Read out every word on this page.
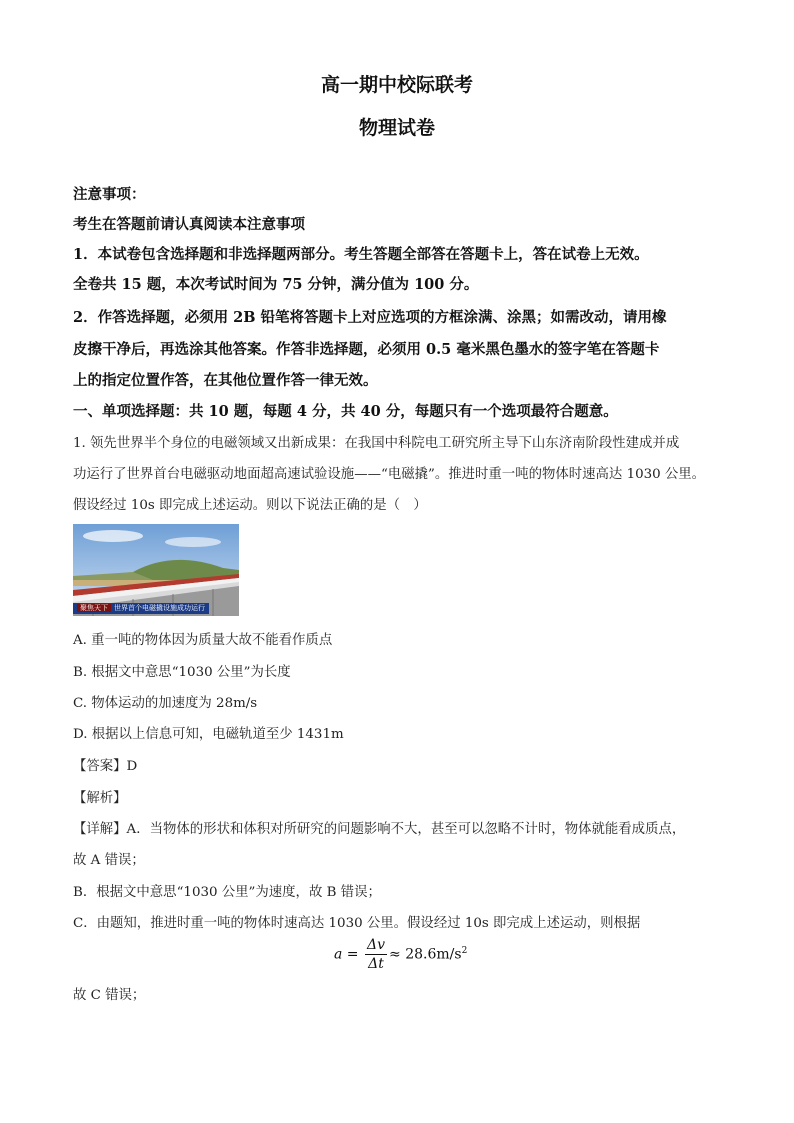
高一期中校际联考
物理试卷
注意事项：
考生在答题前请认真阅读本注意事项
1．本试卷包含选择题和非选择题两部分。考生答题全部答在答题卡上，答在试卷上无效。
全卷共 15 题，本次考试时间为 75 分钟，满分值为 100 分。
2．作答选择题，必须用 2B 铅笔将答题卡上对应选项的方框涂满、涂黑；如需改动，请用橡
皮擦干净后，再选涂其他答案。作答非选择题，必须用 0.5 毫米黑色墨水的签字笔在答题卡
上的指定位置作答，在其他位置作答一律无效。
一、单项选择题：共 10 题，每题 4 分，共 40 分，每题只有一个选项最符合题意。
1. 领先世界半个身位的电磁领域又出新成果：在我国中科院电工研究所主导下山东济南阶段性建成并成
功运行了世界首台电磁驱动地面超高速试验设施——“电磁撬”。推进时重一吨的物体时速高达 1030 公里。
假设经过 10s 即完成上述运动。则以下说法正确的是（　）
聚焦天下 世界首个电磁撬设施成功运行
A. 重一吨的物体因为质量大故不能看作质点
B. 根据文中意思“1030 公里”为长度
C. 物体运动的加速度为 28m/s
D. 根据以上信息可知，电磁轨道至少 1431m
【答案】D
【解析】
【详解】A．当物体的形状和体积对所研究的问题影响不大，甚至可以忽略不计时，物体就能看成质点，
故 A 错误；
B．根据文中意思“1030 公里”为速度，故 B 错误；
C．由题知，推进时重一吨的物体时速高达 1030 公里。假设经过 10s 即完成上述运动，则根据
$a = \frac{\Delta v}{\Delta t} \approx 28.6m/s^2$
故 C 错误；
